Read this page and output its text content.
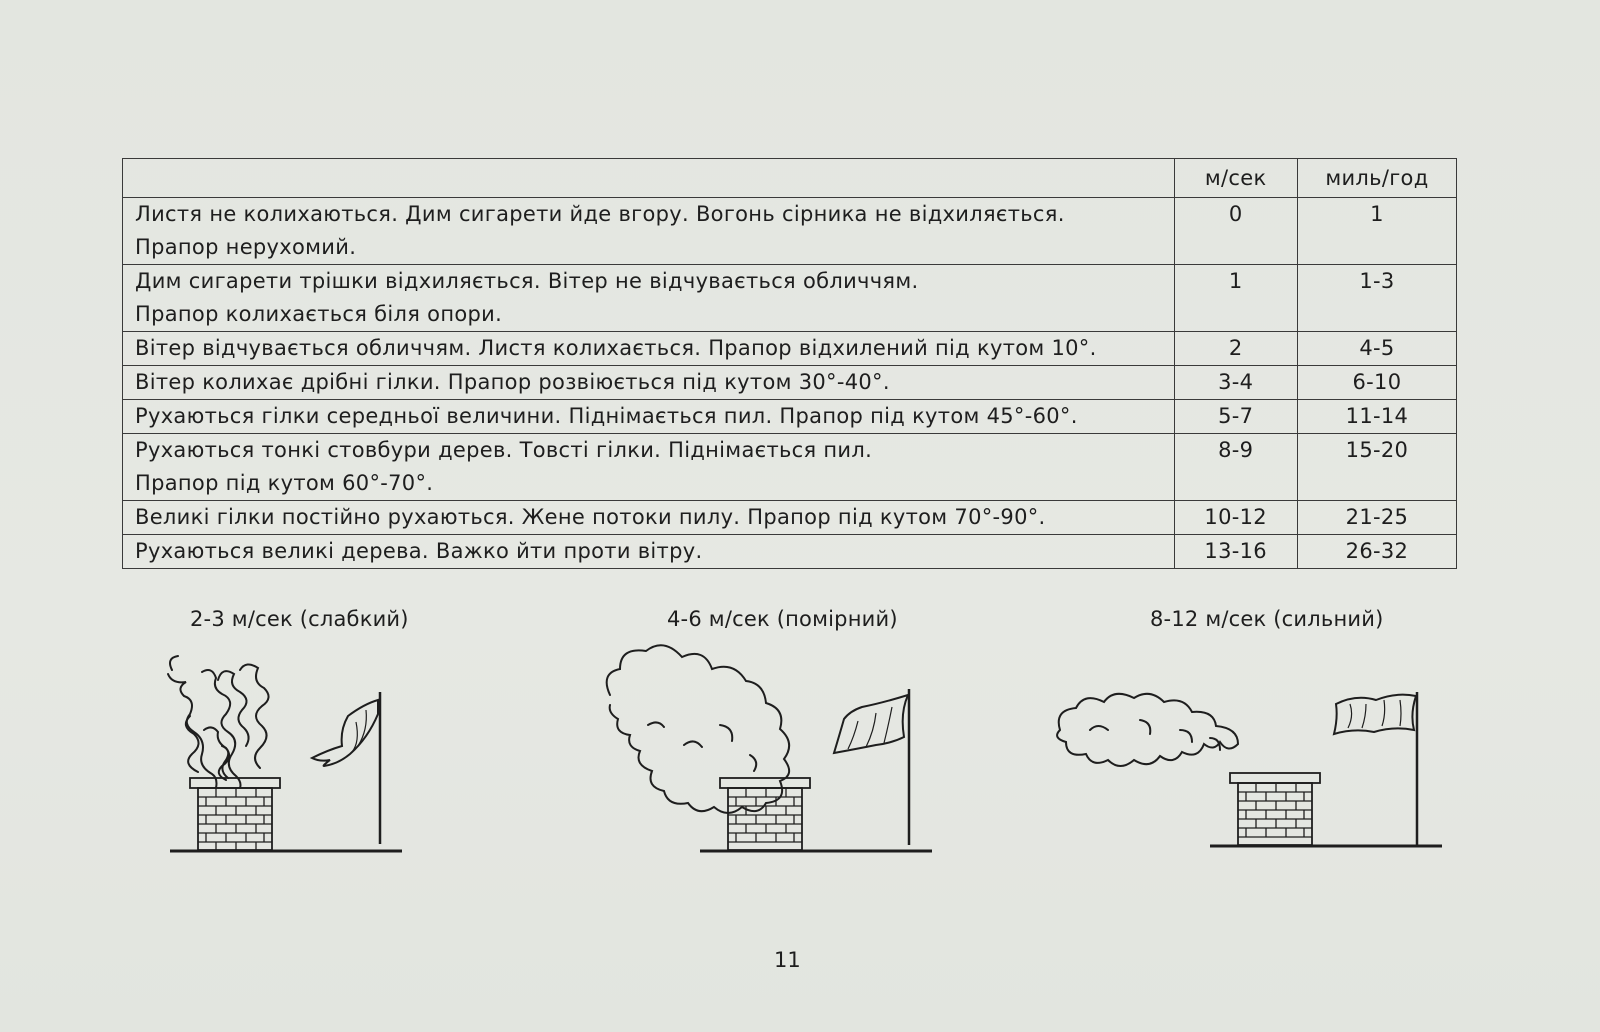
	м/сек	миль/год

Листя не колихаються. Дим сигарети йде вгору. Вогонь сірника не відхиляється.
Прапор нерухомий.	0	1

Дим сигарети трішки відхиляється. Вітер не відчувається обличчям.
Прапор колихається біля опори.	1	1-3

Вітер відчувається обличчям. Листя колихається. Прапор відхилений під кутом 10°.	2	4-5

Вітер колихає дрібні гілки. Прапор розвіюється під кутом 30°-40°.	3-4	6-10

Рухаються гілки середньої величини. Піднімається пил. Прапор під кутом 45°-60°.	5-7	11-14

Рухаються тонкі стовбури дерев. Товсті гілки. Піднімається пил.
Прапор під кутом 60°-70°.	8-9	15-20

Великі гілки постійно рухаються. Жене потоки пилу. Прапор під кутом 70°-90°.	10-12	21-25

Рухаються великі дерева. Важко йти проти вітру.	13-16	26-32
2-3 м/сек (слабкий)	4-6 м/сек (помірний)	8-12 м/сек (сильний)
11
